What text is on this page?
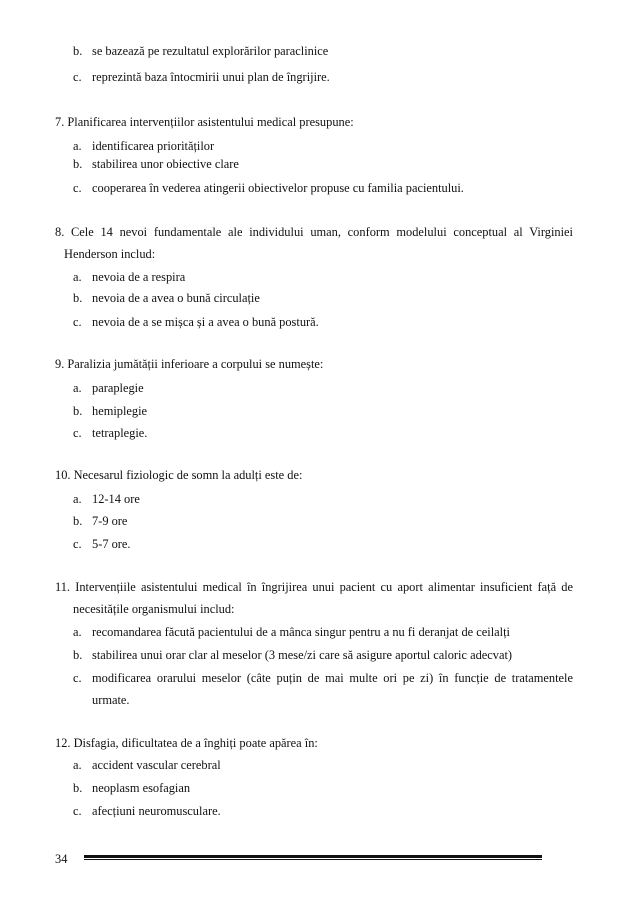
b. se bazează pe rezultatul explorărilor paraclinice
c. reprezintă baza întocmirii unui plan de îngrijire.
7. Planificarea intervențiilor asistentului medical presupune:
a. identificarea priorităților
b. stabilirea unor obiective clare
c. cooperarea în vederea atingerii obiectivelor propuse cu familia pacientului.
8. Cele 14 nevoi fundamentale ale individului uman, conform modelului conceptual al Virginiei
Henderson includ:
a. nevoia de a respira
b. nevoia de a avea o bună circulație
c. nevoia de a se mișca și a avea o bună postură.
9. Paralizia jumătății inferioare a corpului se numește:
a. paraplegie
b. hemiplegie
c. tetraplegie.
10. Necesarul fiziologic de somn la adulți este de:
a. 12-14 ore
b. 7-9 ore
c. 5-7 ore.
11. Intervențiile asistentului medical în îngrijirea unui pacient cu aport alimentar insuficient față de
necesitățile organismului includ:
a. recomandarea făcută pacientului de a mânca singur pentru a nu fi deranjat de ceilalți
b. stabilirea unui orar clar al meselor (3 mese/zi care să asigure aportul caloric adecvat)
c. modificarea orarului meselor (câte puțin de mai multe ori pe zi) în funcție de tratamentele
urmate.
12. Disfagia, dificultatea de a înghiți poate apărea în:
a. accident vascular cerebral
b. neoplasm esofagian
c. afecțiuni neuromusculare.
34
